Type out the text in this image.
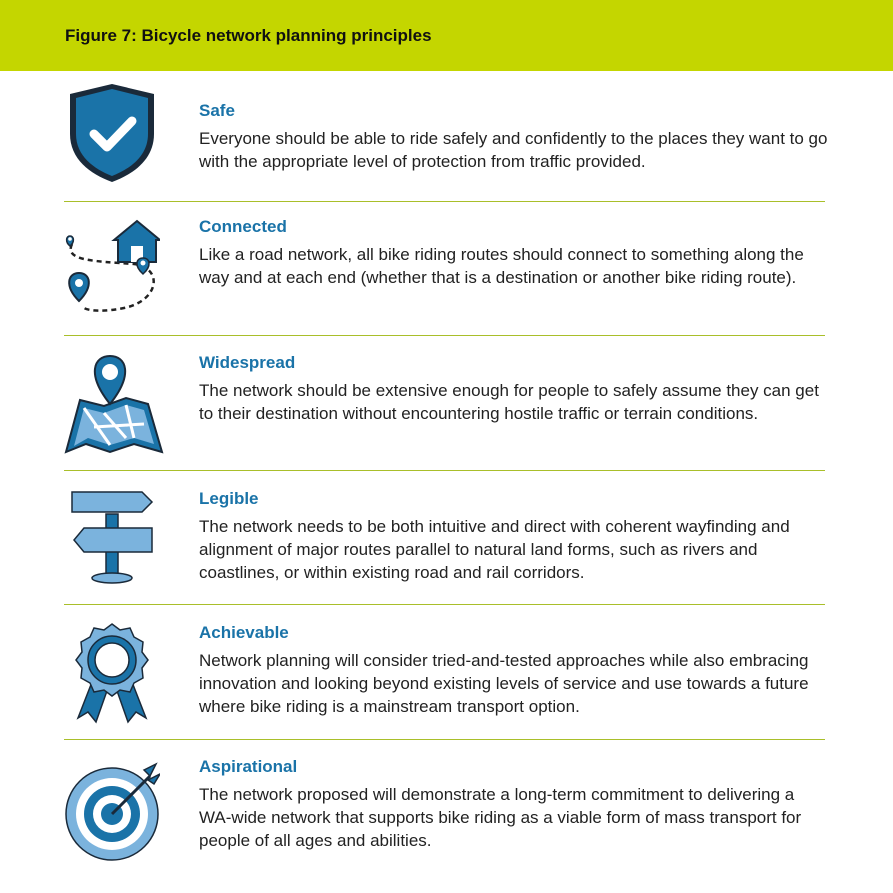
Figure 7: Bicycle network planning principles
Safe

Everyone should be able to ride safely and confidently to the places they want to go with the appropriate level of protection from traffic provided.

Connected

Like a road network, all bike riding routes should connect to something along the way and at each end (whether that is a destination or another bike riding route).

Widespread

The network should be extensive enough for people to safely assume they can get to their destination without encountering hostile traffic or terrain conditions.

Legible

The network needs to be both intuitive and direct with coherent wayfinding and alignment of major routes parallel to natural land forms, such as rivers and coastlines, or within existing road and rail corridors.

Achievable

Network planning will consider tried-and-tested approaches while also embracing innovation and looking beyond existing levels of service and use towards a future where bike riding is a mainstream transport option.

Aspirational

The network proposed will demonstrate a long-term commitment to delivering a WA-wide network that supports bike riding as a viable form of mass transport for people of all ages and abilities.
